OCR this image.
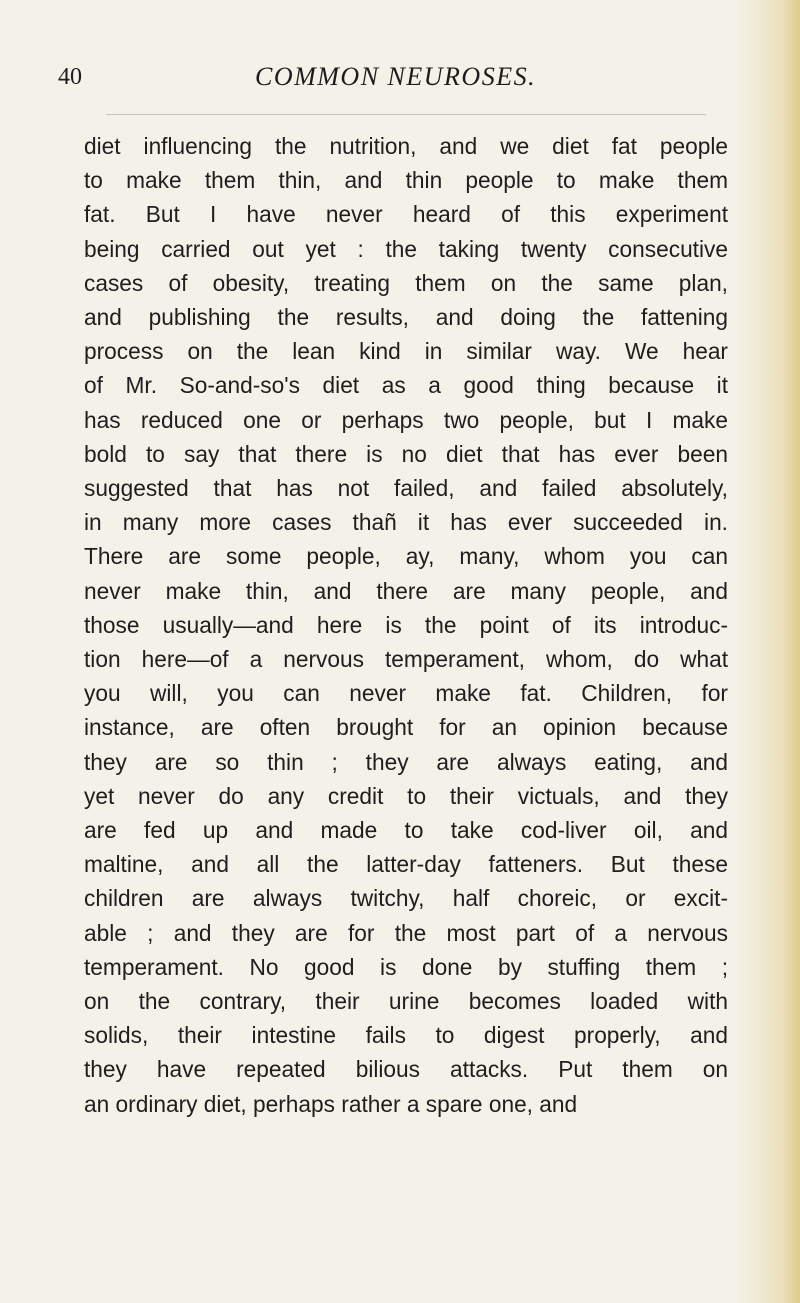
40	COMMON NEUROSES.
diet influencing the nutrition, and we diet fat people
to make them thin, and thin people to make them
fat. But I have never heard of this experiment
being carried out yet : the taking twenty consecutive
cases of obesity, treating them on the same plan,
and publishing the results, and doing the fattening
process on the lean kind in similar way. We hear
of Mr. So-and-so's diet as a good thing because it
has reduced one or perhaps two people, but I make
bold to say that there is no diet that has ever been
suggested that has not failed, and failed absolutely,
in many more cases thañ it has ever succeeded in.
There are some people, ay, many, whom you can
never make thin, and there are many people, and
those usually—and here is the point of its introduc-
tion here—of a nervous temperament, whom, do what
you will, you can never make fat. Children, for
instance, are often brought for an opinion because
they are so thin ; they are always eating, and
yet never do any credit to their victuals, and they
are fed up and made to take cod-liver oil, and
maltine, and all the latter-day fatteners. But these
children are always twitchy, half choreic, or excit-
able ; and they are for the most part of a nervous
temperament. No good is done by stuffing them ;
on the contrary, their urine becomes loaded with
solids, their intestine fails to digest properly, and
they have repeated bilious attacks. Put them on
an ordinary diet, perhaps rather a spare one, and
